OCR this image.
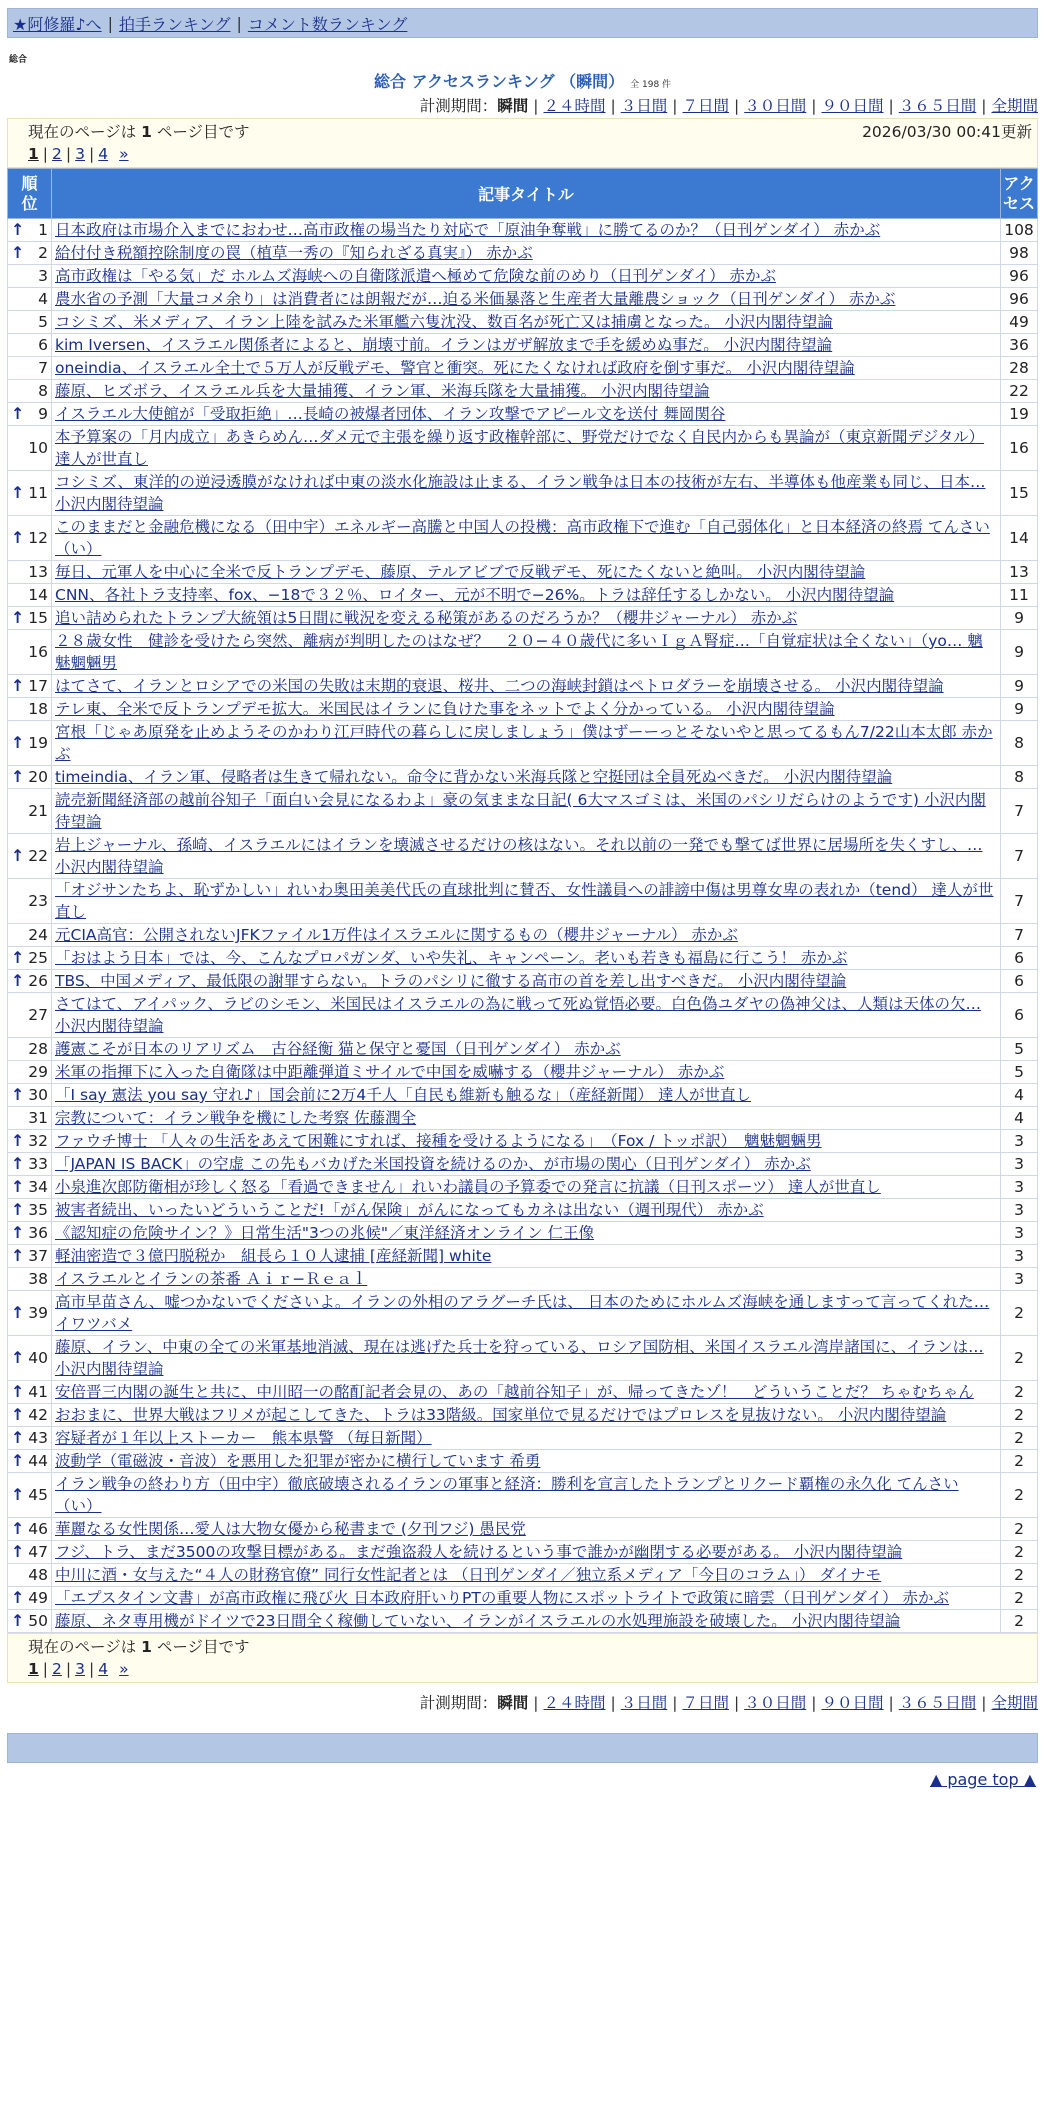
★阿修羅♪へ | 拍手ランキング | コメント数ランキング
総合
総合 アクセスランキング （瞬間） 全 198 件
計測期間：瞬間 | ２４時間 | ３日間 | ７日間 | ３０日間 | ９０日間 | ３６５日間 | 全期間
現在のページは 1 ページ目です	2026/03/30 00:41更新
1 | 2 | 3 | 4 »
順位	記事タイトル	アクセス

↑ 1	日本政府は市場介入までにおわせ…高市政権の場当たり対応で「原油争奪戦」に勝てるのか？（日刊ゲンダイ） 赤かぶ	108

↑ 2	給付付き税額控除制度の罠（植草一秀の『知られざる真実』） 赤かぶ	98
3	高市政権は「やる気」だ ホルムズ海峡への自衛隊派遣へ極めて危険な前のめり（日刊ゲンダイ） 赤かぶ	96
4	農水省の予測「大量コメ余り」は消費者には朗報だが…迫る米価暴落と生産者大量離農ショック（日刊ゲンダイ） 赤かぶ	96
5	コシミズ、米メディア、イラン上陸を試みた米軍艦六隻沈没、数百名が死亡又は捕虜となった。 小沢内閣待望論	49
6	kim Iversen、イスラエル関係者によると、崩壊寸前。イランはガザ解放まで手を緩めぬ事だ。 小沢内閣待望論	36
7	oneindia、イスラエル全土で５万人が反戦デモ、警官と衝突。死にたくなければ政府を倒す事だ。 小沢内閣待望論	28
8	藤原、ヒズボラ、イスラエル兵を大量捕獲、イラン軍、米海兵隊を大量捕獲。 小沢内閣待望論	22

↑ 9	イスラエル大使館が「受取拒絶」…長崎の被爆者団体、イラン攻撃でアピール文を送付 舞岡関谷	19
10	本予算案の「月内成立」あきらめん…ダメ元で主張を繰り返す政権幹部に、野党だけでなく自民内からも異論が（東京新聞デジタル） 達人が世直し	16

↑ 11	コシミズ、東洋的の逆浸透膜がなければ中東の淡水化施設は止まる、イラン戦争は日本の技術が左右、半導体も他産業も同じ、日本… 小沢内閣待望論	15

↑ 12	このままだと金融危機になる（田中宇）エネルギー高騰と中国人の投機：高市政権下で進む「自己弱体化」と日本経済の終焉 てんさい（い）	14
13	毎日、元軍人を中心に全米で反トランプデモ、藤原、テルアビブで反戦デモ、死にたくないと絶叫。 小沢内閣待望論	13
14	CNN、各社トラ支持率、fox、−18で３２％、ロイター、元が不明で−26%。トラは辞任するしかない。 小沢内閣待望論	11

↑ 15	追い詰められたトランプ大統領は5日間に戦況を変える秘策があるのだろうか？（櫻井ジャーナル） 赤かぶ	9
16	２８歳女性　健診を受けたら突然、離病が判明したのはなぜ？　２０−４０歳代に多いＩｇＡ腎症…「自覚症状は全くない」（yo… 魑魅魍魎男	9

↑ 17	はてさて、イランとロシアでの米国の失敗は末期的衰退、桜井、二つの海峡封鎖はペトロダラーを崩壊させる。 小沢内閣待望論	9
18	テレ東、全米で反トランプデモ拡大。米国民はイランに負けた事をネットでよく分かっている。 小沢内閣待望論	9

↑ 19	宮根「じゃあ原発を止めようそのかわり江戸時代の暮らしに戻しましょう」僕はずーーっとそないやと思ってるもん7/22山本太郎 赤かぶ	8

↑ 20	timeindia、イラン軍、侵略者は生きて帰れない。命令に背かない米海兵隊と空挺団は全員死ぬべきだ。 小沢内閣待望論	8
21	読売新聞経済部の越前谷知子「面白い会見になるわよ」豪の気ままな日記( 6大マスゴミは、米国のパシリだらけのようです) 小沢内閣待望論	7

↑ 22	岩上ジャーナル、孫崎、イスラエルにはイランを壊滅させるだけの核はない。それ以前の一発でも撃てば世界に居場所を失くすし、… 小沢内閣待望論	7
23	「オジサンたちよ、恥ずかしい」れいわ奥田美美代氏の直球批判に賛否、女性議員への誹謗中傷は男尊女卑の表れか（tend） 達人が世直し	7
24	元CIA高官：公開されないJFKファイル1万件はイスラエルに関するもの（櫻井ジャーナル） 赤かぶ	7

↑ 25	「おはよう日本」では、今、こんなプロパガンダ、いや失礼、キャンペーン。老いも若きも福島に行こう！ 赤かぶ	6

↑ 26	TBS、中国メディア、最低限の謝罪すらない。トラのパシリに徹する高市の首を差し出すべきだ。 小沢内閣待望論	6
27	さてはて、アイパック、ラビのシモン、米国民はイスラエルの為に戦って死ぬ覚悟必要。白色偽ユダヤの偽神父は、人類は天体の欠… 小沢内閣待望論	6
28	護憲こそが日本のリアリズム　古谷経衡 猫と保守と憂国（日刊ゲンダイ） 赤かぶ	5
29	米軍の指揮下に入った自衛隊は中距離弾道ミサイルで中国を威嚇する（櫻井ジャーナル） 赤かぶ	5

↑ 30	「I say 憲法 you say 守れ♪」国会前に2万4千人「自民も維新も触るな」（産経新聞） 達人が世直し	4
31	宗教について：イラン戦争を機にした考察 佐藤潤全	4

↑ 32	ファウチ博士 「人々の生活をあえて困難にすれば、接種を受けるようになる」　（Fox / トッポ訳）　魑魅魍魎男	3

↑ 33	「JAPAN IS BACK」の空虚 この先もバカげた米国投資を続けるのか、が市場の関心（日刊ゲンダイ） 赤かぶ	3

↑ 34	小泉進次郎防衛相が珍しく怒る「看過できません」れいわ議員の予算委での発言に抗議（日刊スポーツ） 達人が世直し	3

↑ 35	被害者続出、いったいどういうことだ!「がん保険」がんになってもカネは出ない（週刊現代） 赤かぶ	3

↑ 36	《認知症の危険サイン？》日常生活"3つの兆候"／東洋経済オンライン 仁王像	3

↑ 37	軽油密造で３億円脱税か　組長ら１０人逮捕 [産経新聞] white	3
38	イスラエルとイランの茶番 Ａｉｒ−Ｒｅａｌ	3

↑ 39	高市早苗さん、嘘つかないでくださいよ。イランの外相のアラグーチ氏は、 日本のためにホルムズ海峡を通しますって言ってくれた… イワツバメ	2

↑ 40	藤原、イラン、中東の全ての米軍基地消滅、現在は逃げた兵士を狩っている、ロシア国防相、米国イスラエル湾岸諸国に、イランは… 小沢内閣待望論	2

↑ 41	安倍晋三内閣の誕生と共に、中川昭一の酩酊記者会見の、あの「越前谷知子」が、帰ってきたゾ！　どういうことだ？ ちゃむちゃん	2

↑ 42	おおまに、世界大戦はフリメが起こしてきた、トラは33階級。国家単位で見るだけではプロレスを見抜けない。 小沢内閣待望論	2

↑ 43	容疑者が１年以上ストーカー　熊本県警 （毎日新聞）	2

↑ 44	波動学（電磁波・音波）を悪用した犯罪が密かに横行しています 希勇	2

↑ 45	イラン戦争の終わり方（田中宇）徹底破壊されるイランの軍事と経済：勝利を宣言したトランプとリクード覇権の永久化 てんさい（い）	2

↑ 46	華麗なる女性関係…愛人は大物女優から秘書まで (夕刊フジ) 愚民党	2

↑ 47	フジ、トラ、まだ3500の攻撃目標がある。まだ強盗殺人を続けるという事で誰かが幽閉する必要がある。 小沢内閣待望論	2
48	中川に酒・女与えた“４人の財務官僚” 同行女性記者とは （日刊ゲンダイ／独立系メディア「今日のコラム」） ダイナモ	2

↑ 49	「エプスタイン文書」が高市政権に飛び火 日本政府肝いりPTの重要人物にスポットライトで政策に暗雲（日刊ゲンダイ） 赤かぶ	2

↑ 50	藤原、ネタ専用機がドイツで23日間全く稼働していない、イランがイスラエルの水処理施設を破壊した。 小沢内閣待望論	2
現在のページは 1 ページ目です
1 | 2 | 3 | 4 »
計測期間：瞬間 | ２４時間 | ３日間 | ７日間 | ３０日間 | ９０日間 | ３６５日間 | 全期間
▲ page top ▲
